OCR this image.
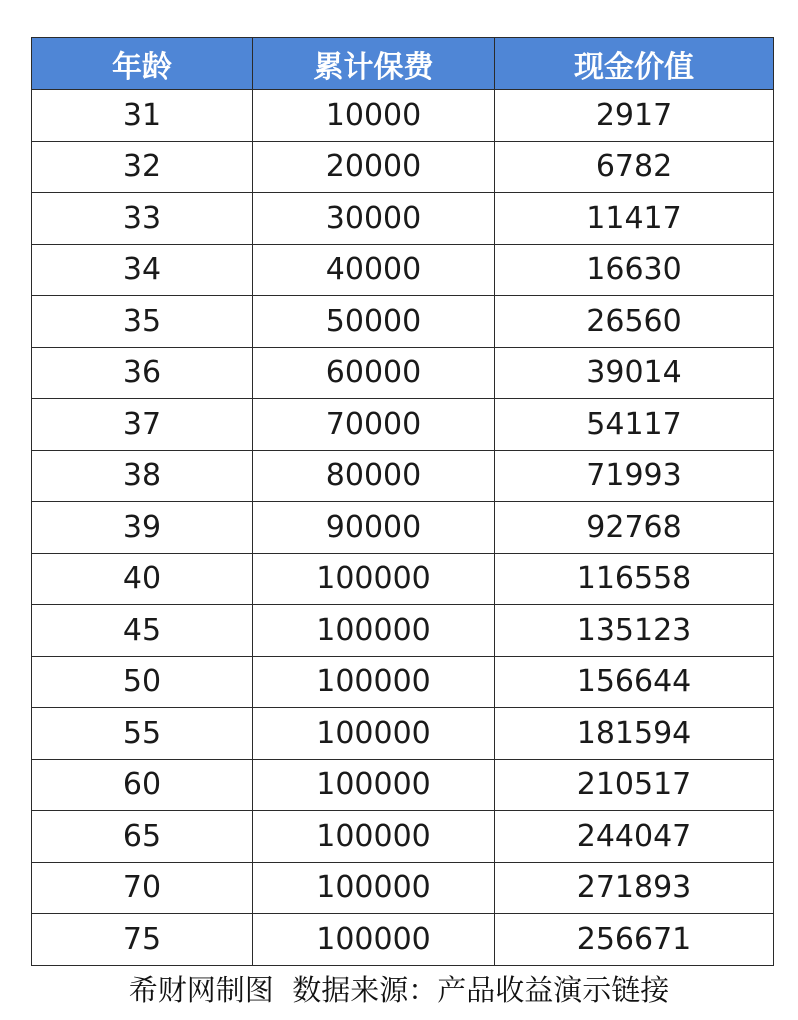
年龄	累计保费	现金价值
31	10000	2917
32	20000	6782
33	30000	11417
34	40000	16630
35	50000	26560
36	60000	39014
37	70000	54117
38	80000	71993
39	90000	92768
40	100000	116558
45	100000	135123
50	100000	156644
55	100000	181594
60	100000	210517
65	100000	244047
70	100000	271893
75	100000	256671
希财网制图 数据来源：产品收益演示链接
